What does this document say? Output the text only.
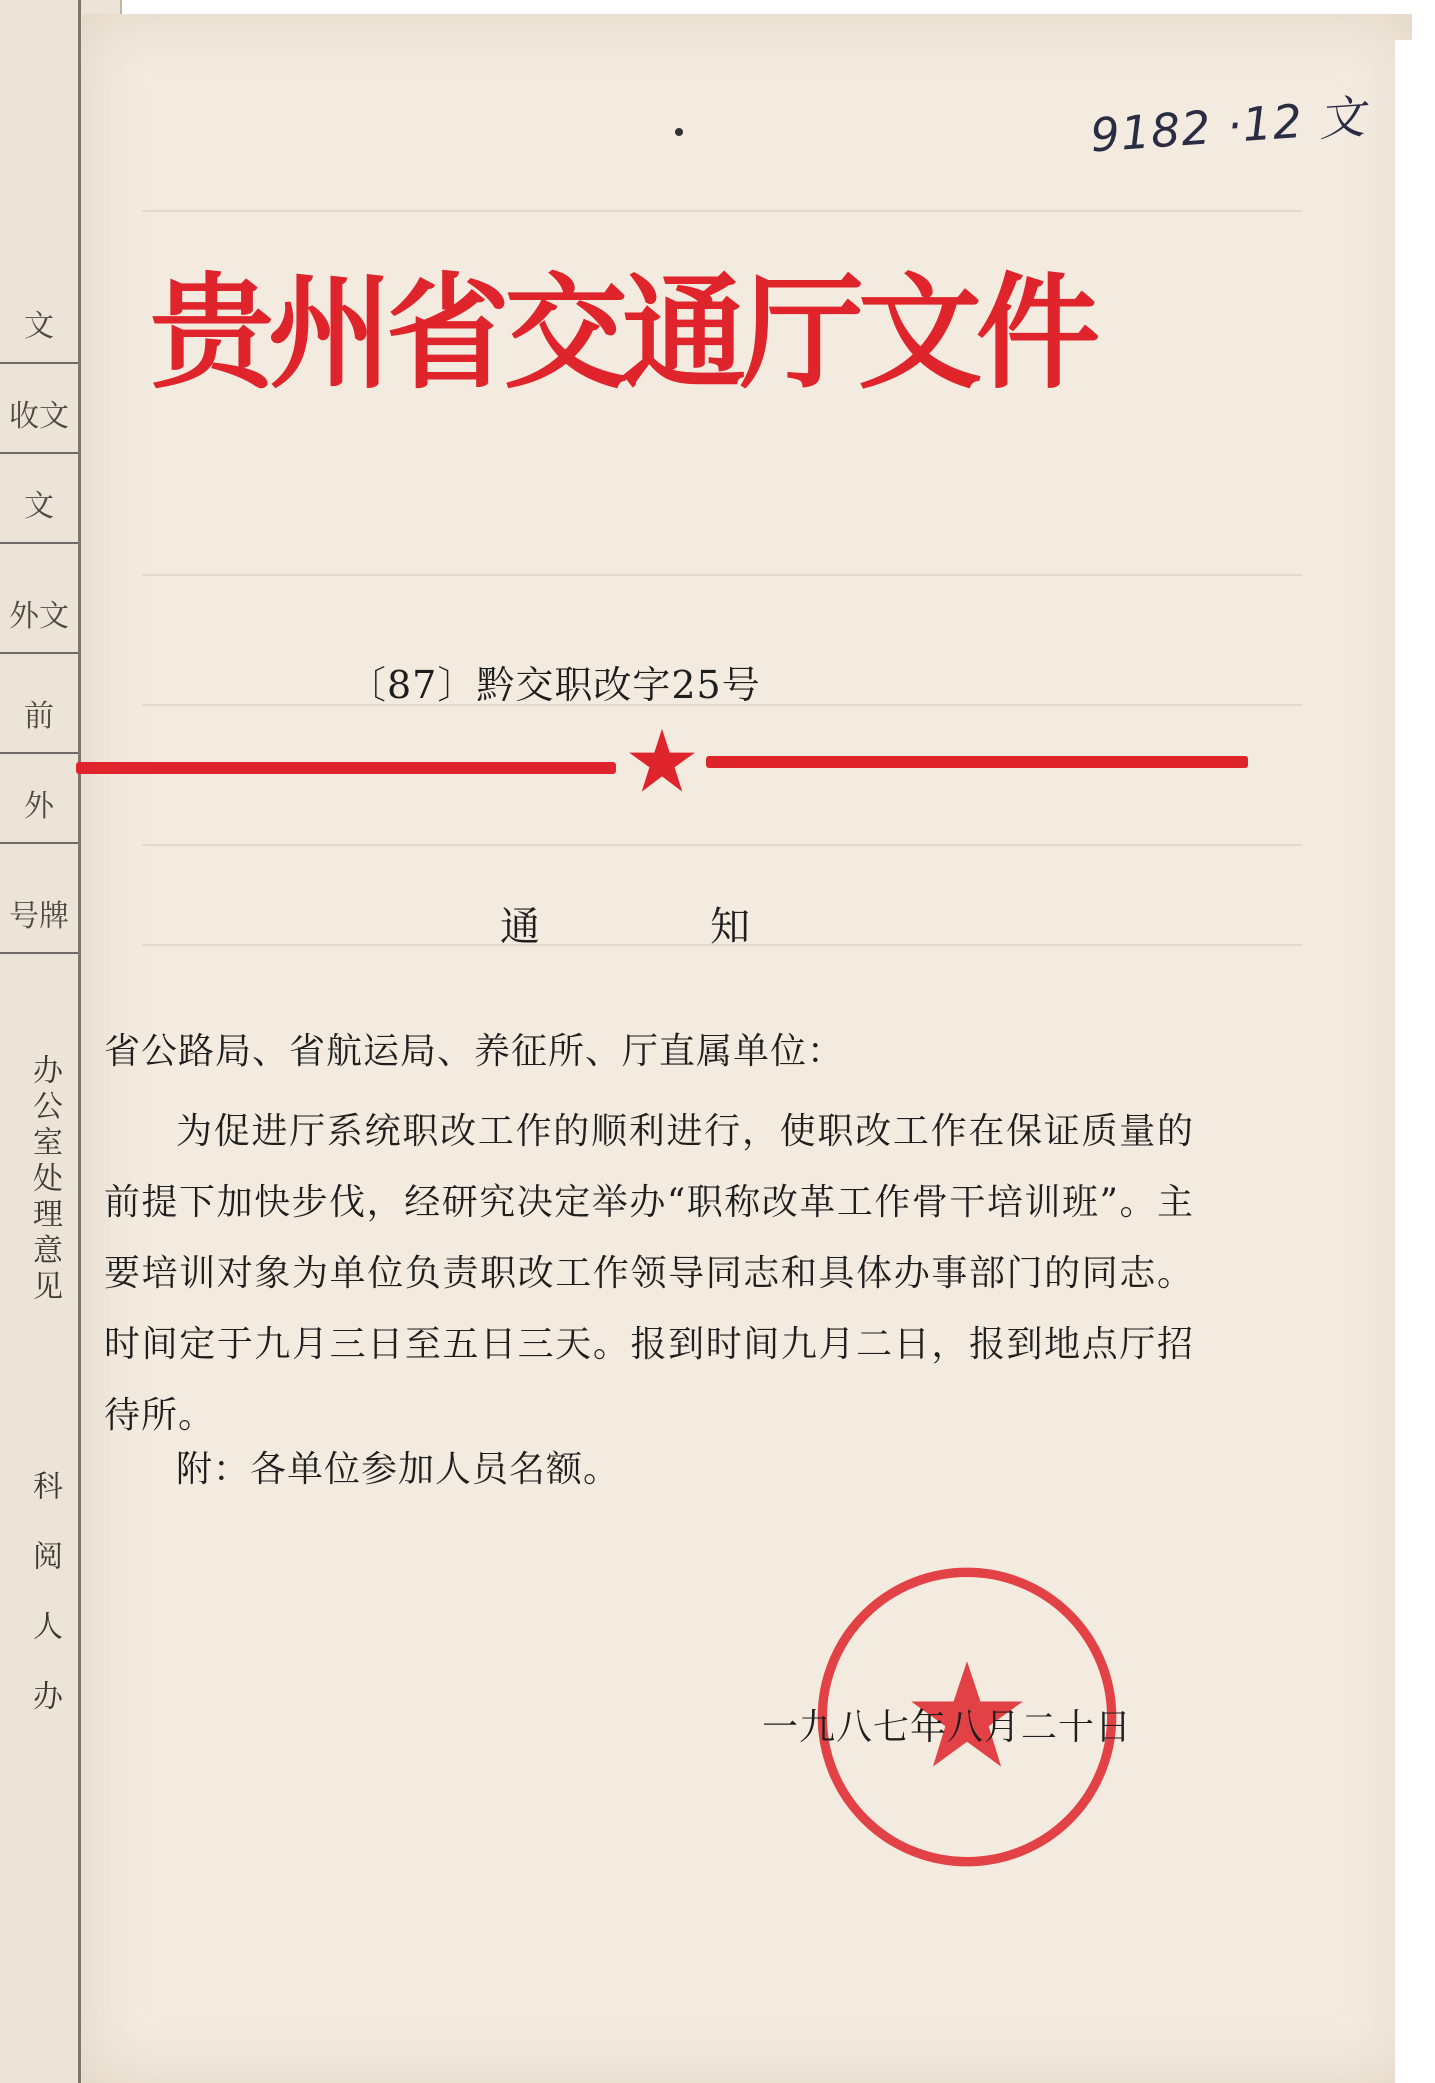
文
收文
文
外文
前
外
号牌
办公室处理意见
科阅人办
9182 ·12 文
贵州省交通厅文件
〔87〕黔交职改字25号
通知
省公路局、省航运局、养征所、厅直属单位：
为促进厅系统职改工作的顺利进行，使职改工作在保证质量的前提下加快步伐，经研究决定举办“职称改革工作骨干培训班”。主要培训对象为单位负责职改工作领导同志和具体办事部门的同志。时间定于九月三日至五日三天。报到时间九月二日，报到地点厅招待所。
附：各单位参加人员名额。
一九八七年八月二十日
